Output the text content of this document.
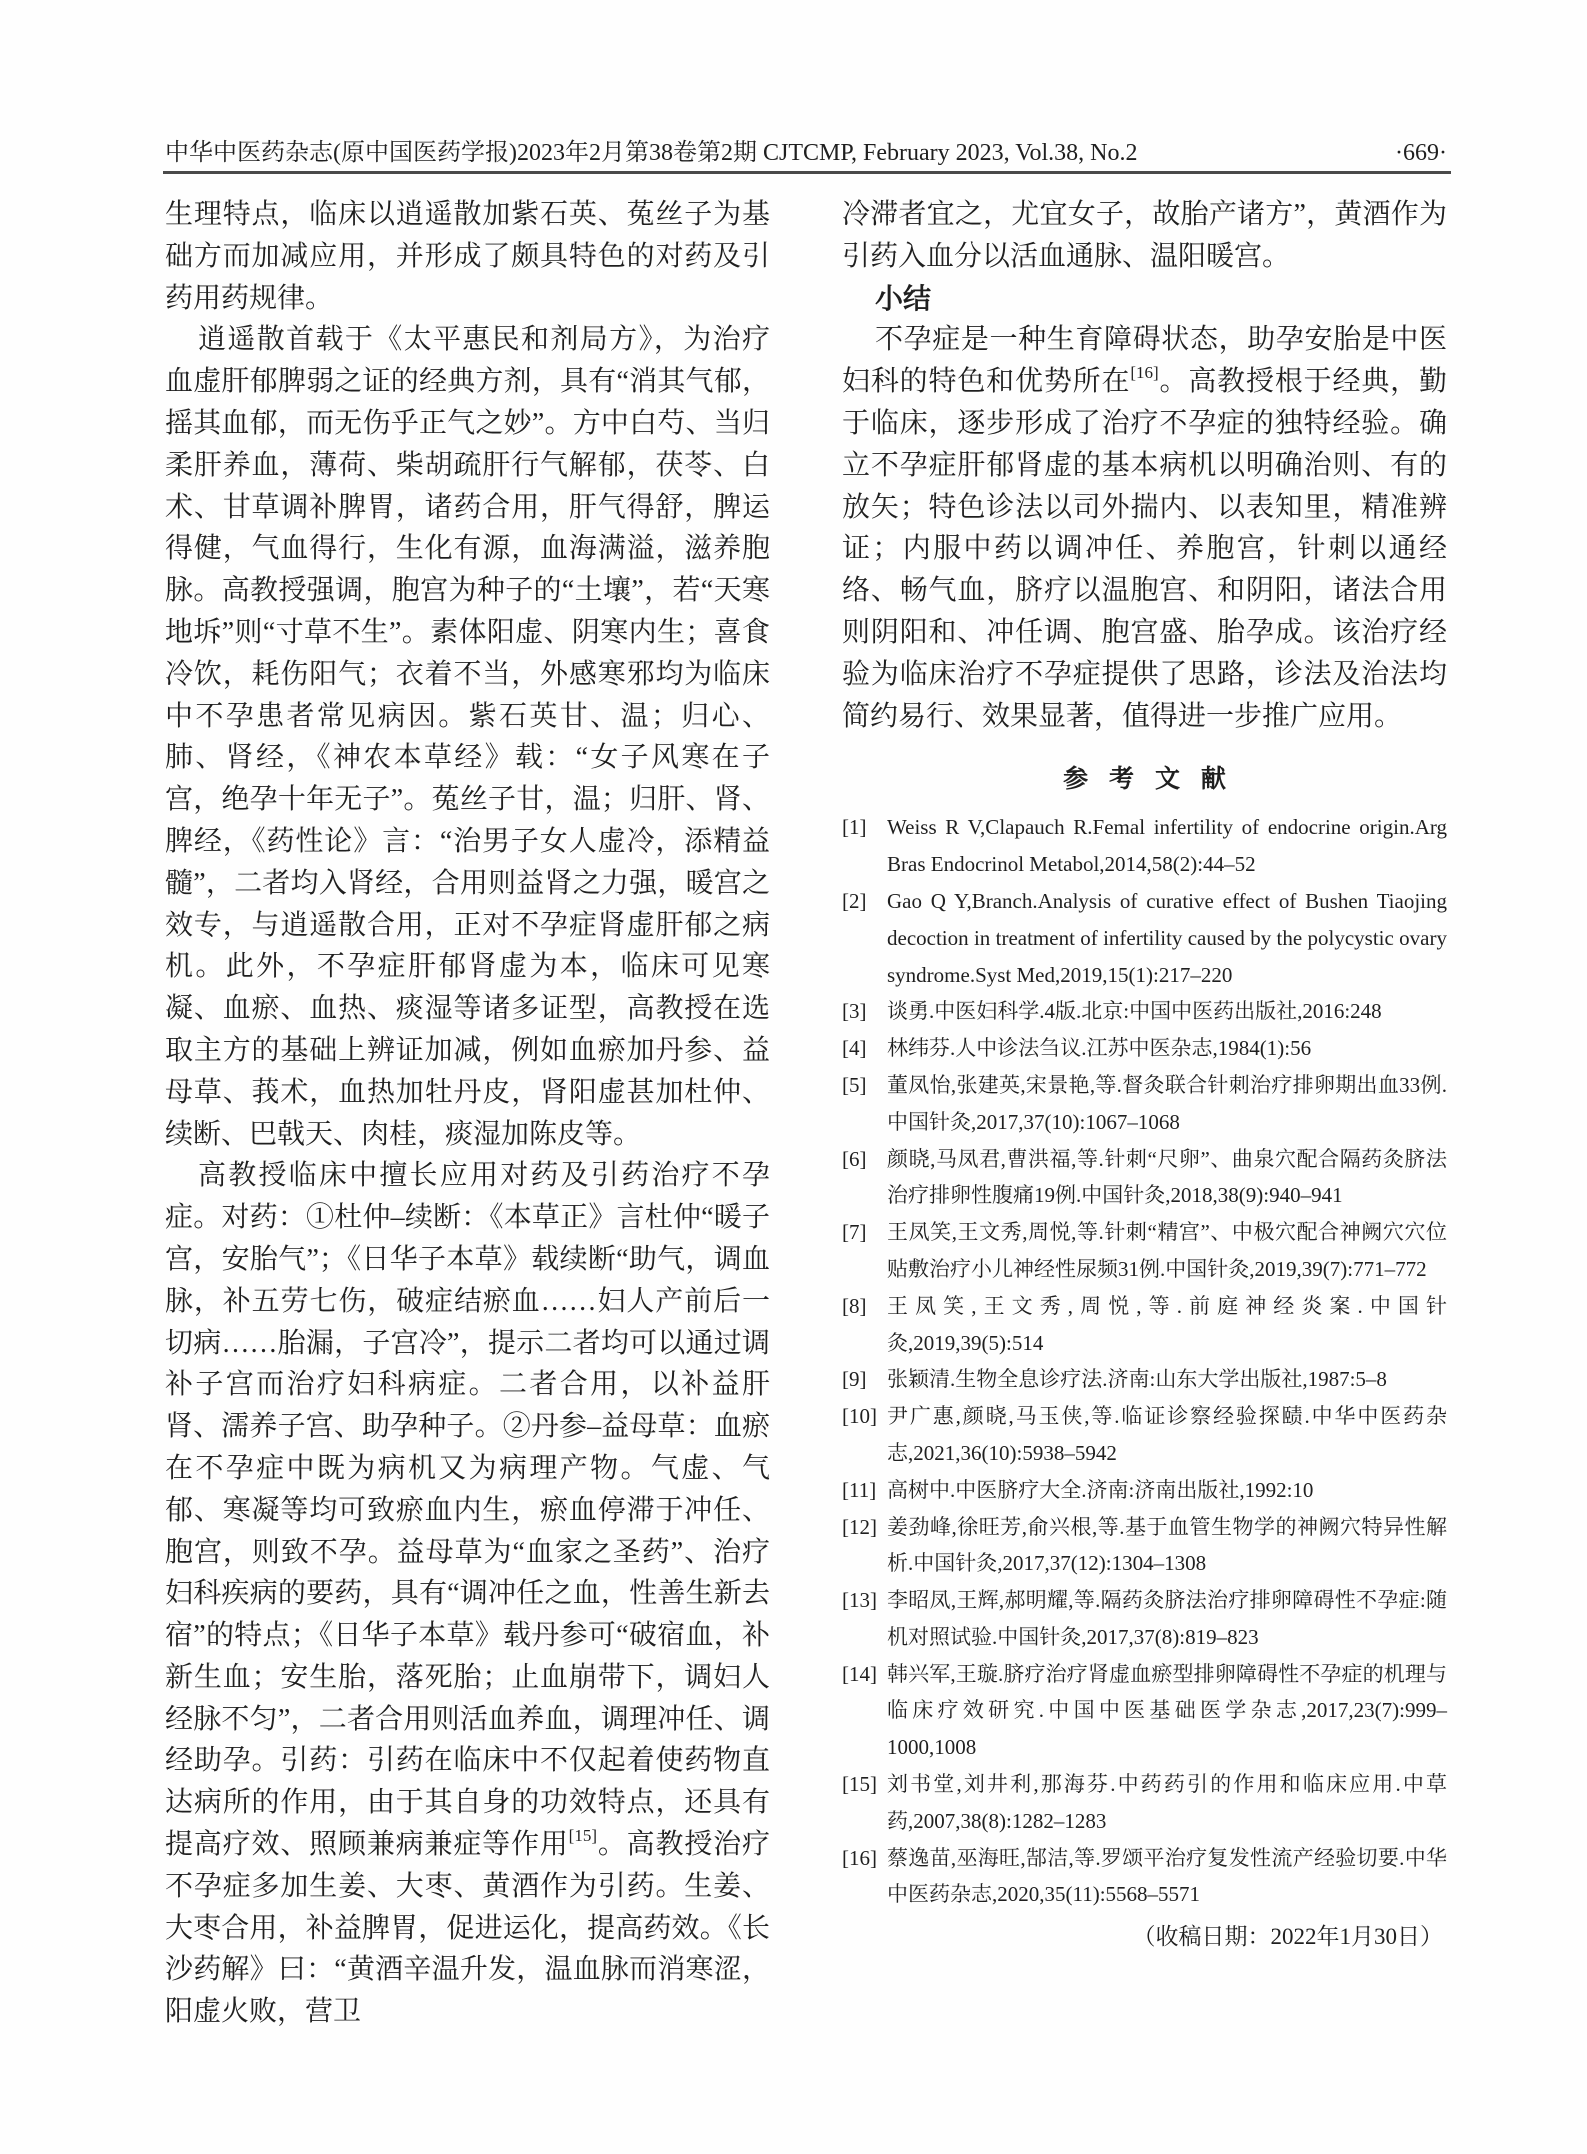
中华中医药杂志(原中国医药学报)2023年2月第38卷第2期 CJTCMP, February 2023, Vol.38, No.2	·669·

生理特点，临床以逍遥散加紫石英、菟丝子为基础方而加减应用，并形成了颇具特色的对药及引药用药规律。

逍遥散首载于《太平惠民和剂局方》，为治疗血虚肝郁脾弱之证的经典方剂，具有“消其气郁，摇其血郁，而无伤乎正气之妙”。方中白芍、当归柔肝养血，薄荷、柴胡疏肝行气解郁，茯苓、白术、甘草调补脾胃，诸药合用，肝气得舒，脾运得健，气血得行，生化有源，血海满溢，滋养胞脉。高教授强调，胞宫为种子的“土壤”，若“天寒地坼”则“寸草不生”。素体阳虚、阴寒内生；喜食冷饮，耗伤阳气；衣着不当，外感寒邪均为临床中不孕患者常见病因。紫石英甘、温；归心、肺、肾经，《神农本草经》载：“女子风寒在子宫，绝孕十年无子”。菟丝子甘，温；归肝、肾、脾经，《药性论》言：“治男子女人虚冷，添精益髓”，二者均入肾经，合用则益肾之力强，暖宫之效专，与逍遥散合用，正对不孕症肾虚肝郁之病机。此外，不孕症肝郁肾虚为本，临床可见寒凝、血瘀、血热、痰湿等诸多证型，高教授在选取主方的基础上辨证加减，例如血瘀加丹参、益母草、莪术，血热加牡丹皮，肾阳虚甚加杜仲、续断、巴戟天、肉桂，痰湿加陈皮等。

高教授临床中擅长应用对药及引药治疗不孕症。对药：①杜仲–续断：《本草正》言杜仲“暖子宫，安胎气”；《日华子本草》载续断“助气，调血脉，补五劳七伤，破症结瘀血……妇人产前后一切病……胎漏，子宫冷”，提示二者均可以通过调补子宫而治疗妇科病症。二者合用，以补益肝肾、濡养子宫、助孕种子。②丹参–益母草：血瘀在不孕症中既为病机又为病理产物。气虚、气郁、寒凝等均可致瘀血内生，瘀血停滞于冲任、胞宫，则致不孕。益母草为“血家之圣药”、治疗妇科疾病的要药，具有“调冲任之血，性善生新去宿”的特点；《日华子本草》载丹参可“破宿血，补新生血；安生胎，落死胎；止血崩带下，调妇人经脉不匀”，二者合用则活血养血，调理冲任、调经助孕。引药：引药在临床中不仅起着使药物直达病所的作用，由于其自身的功效特点，还具有提高疗效、照顾兼病兼症等作用[15]。高教授治疗不孕症多加生姜、大枣、黄酒作为引药。生姜、大枣合用，补益脾胃，促进运化，提高药效。《长沙药解》曰：“黄酒辛温升发，温血脉而消寒涩，阳虚火败，营卫

冷滞者宜之，尤宜女子，故胎产诸方”，黄酒作为引药入血分以活血通脉、温阳暖宫。

小结

不孕症是一种生育障碍状态，助孕安胎是中医妇科的特色和优势所在[16]。高教授根于经典，勤于临床，逐步形成了治疗不孕症的独特经验。确立不孕症肝郁肾虚的基本病机以明确治则、有的放矢；特色诊法以司外揣内、以表知里，精准辨证；内服中药以调冲任、养胞宫，针刺以通经络、畅气血，脐疗以温胞宫、和阴阳，诸法合用则阴阳和、冲任调、胞宫盛、胎孕成。该治疗经验为临床治疗不孕症提供了思路，诊法及治法均简约易行、效果显著，值得进一步推广应用。

参 考 文 献
[1] Weiss R V,Clapauch R.Femal infertility of endocrine origin.Arg Bras Endocrinol Metabol,2014,58(2):44–52
[2] Gao Q Y,Branch.Analysis of curative effect of Bushen Tiaojing decoction in treatment of infertility caused by the polycystic ovary syndrome.Syst Med,2019,15(1):217–220
[3] 谈勇.中医妇科学.4版.北京:中国中医药出版社,2016:248
[4] 林纬芬.人中诊法刍议.江苏中医杂志,1984(1):56
[5] 董凤怡,张建英,宋景艳,等.督灸联合针刺治疗排卵期出血33例.中国针灸,2017,37(10):1067–1068
[6] 颜晓,马凤君,曹洪福,等.针刺“尺卵”、曲泉穴配合隔药灸脐法治疗排卵性腹痛19例.中国针灸,2018,38(9):940–941
[7] 王凤笑,王文秀,周悦,等.针刺“精宫”、中极穴配合神阙穴穴位贴敷治疗小儿神经性尿频31例.中国针灸,2019,39(7):771–772
[8] 王凤笑,王文秀,周悦,等.前庭神经炎案.中国针灸,2019,39(5):514
[9] 张颖清.生物全息诊疗法.济南:山东大学出版社,1987:5–8
[10] 尹广惠,颜晓,马玉侠,等.临证诊察经验探赜.中华中医药杂志,2021,36(10):5938–5942
[11] 高树中.中医脐疗大全.济南:济南出版社,1992:10
[12] 姜劲峰,徐旺芳,俞兴根,等.基于血管生物学的神阙穴特异性解析.中国针灸,2017,37(12):1304–1308
[13] 李昭凤,王辉,郝明耀,等.隔药灸脐法治疗排卵障碍性不孕症:随机对照试验.中国针灸,2017,37(8):819–823
[14] 韩兴军,王璇.脐疗治疗肾虚血瘀型排卵障碍性不孕症的机理与临床疗效研究.中国中医基础医学杂志,2017,23(7):999–1000,1008
[15] 刘书堂,刘井利,那海芬.中药药引的作用和临床应用.中草药,2007,38(8):1282–1283
[16] 蔡逸苗,巫海旺,郜洁,等.罗颂平治疗复发性流产经验切要.中华中医药杂志,2020,35(11):5568–5571
（收稿日期：2022年1月30日）
